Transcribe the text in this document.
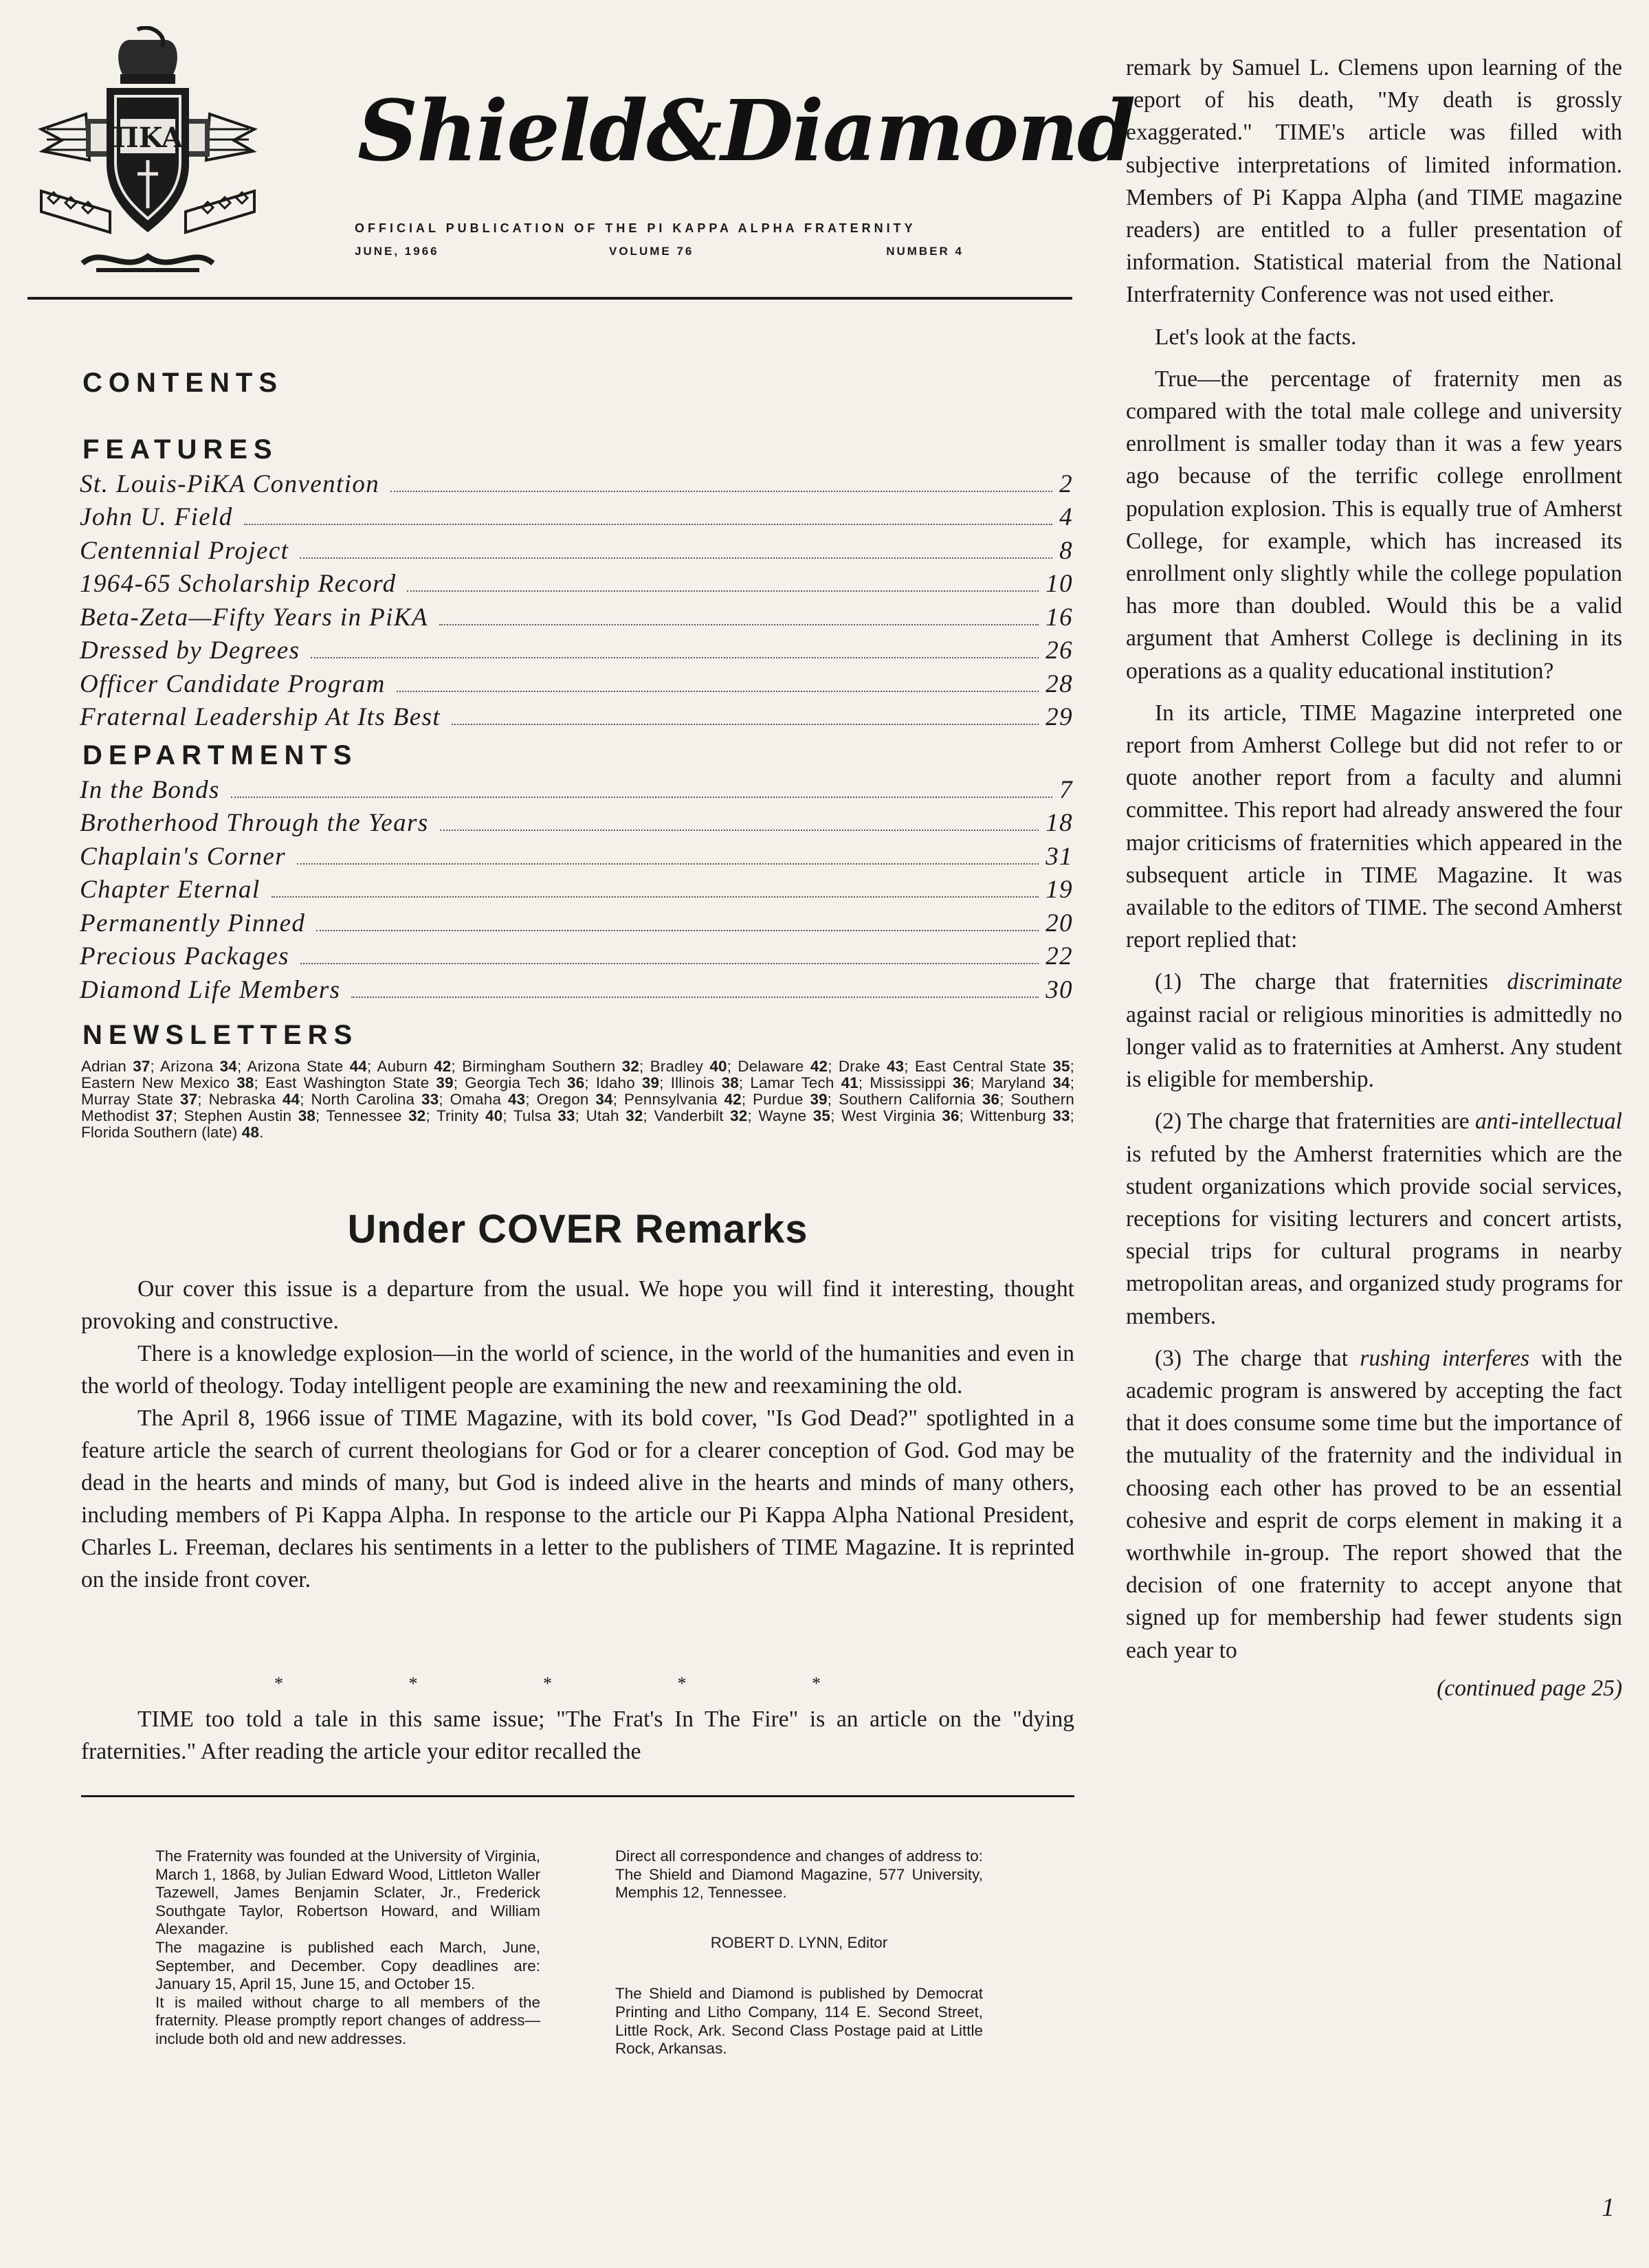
ΠKA Shield&Diamond
OFFICIAL PUBLICATION OF THE PI KAPPA ALPHA FRATERNITY
JUNE, 1966	VOLUME 76	NUMBER 4
CONTENTS
FEATURES
St. Louis-PiKA Convention	2
John U. Field	4
Centennial Project	8
1964-65 Scholarship Record	10
Beta-Zeta—Fifty Years in PiKA	16
Dressed by Degrees	26
Officer Candidate Program	28
Fraternal Leadership At Its Best	29
DEPARTMENTS
In the Bonds	7
Brotherhood Through the Years	18
Chaplain's Corner	31
Chapter Eternal	19
Permanently Pinned	20
Precious Packages	22
Diamond Life Members	30
NEWSLETTERS
Adrian 37; Arizona 34; Arizona State 44; Auburn 42; Birmingham Southern 32; Bradley 40; Delaware 42; Drake 43; East Central State 35; Eastern New Mexico 38; East Washington State 39; Georgia Tech 36; Idaho 39; Illinois 38; Lamar Tech 41; Mississippi 36; Maryland 34; Murray State 37; Nebraska 44; North Carolina 33; Omaha 43; Oregon 34; Pennsylvania 42; Purdue 39; Southern California 36; Southern Methodist 37; Stephen Austin 38; Tennessee 32; Trinity 40; Tulsa 33; Utah 32; Vanderbilt 32; Wayne 35; West Virginia 36; Wittenburg 33; Florida Southern (late) 48.
Under COVER Remarks

Our cover this issue is a departure from the usual. We hope you will find it interesting, thought provoking and constructive.

There is a knowledge explosion—in the world of science, in the world of the humanities and even in the world of theology. Today intelligent people are examining the new and reexamining the old.

The April 8, 1966 issue of TIME Magazine, with its bold cover, "Is God Dead?" spotlighted in a feature article the search of current theologians for God or for a clearer conception of God. God may be dead in the hearts and minds of many, but God is indeed alive in the hearts and minds of many others, including members of Pi Kappa Alpha. In response to the article our Pi Kappa Alpha National President, Charles L. Freeman, declares his sentiments in a letter to the publishers of TIME Magazine. It is reprinted on the inside front cover.

* * * * *

TIME too told a tale in this same issue; "The Frat's In The Fire" is an article on the "dying fraternities." After reading the article your editor recalled the

The Fraternity was founded at the University of Virginia, March 1, 1868, by Julian Edward Wood, Littleton Waller Tazewell, James Benjamin Sclater, Jr., Frederick Southgate Taylor, Robertson Howard, and William Alexander.

The magazine is published each March, June, September, and December. Copy deadlines are: January 15, April 15, June 15, and October 15.

It is mailed without charge to all members of the fraternity. Please promptly report changes of address—include both old and new addresses.

Direct all correspondence and changes of address to: The Shield and Diamond Magazine, 577 University, Memphis 12, Tennessee.

ROBERT D. LYNN, Editor

The Shield and Diamond is published by Democrat Printing and Litho Company, 114 E. Second Street, Little Rock, Ark. Second Class Postage paid at Little Rock, Arkansas.

remark by Samuel L. Clemens upon learning of the report of his death, "My death is grossly exaggerated." TIME's article was filled with subjective interpretations of limited information. Members of Pi Kappa Alpha (and TIME magazine readers) are entitled to a fuller presentation of information. Statistical material from the National Interfraternity Conference was not used either.

Let's look at the facts.

True—the percentage of fraternity men as compared with the total male college and university enrollment is smaller today than it was a few years ago because of the terrific college enrollment population explosion. This is equally true of Amherst College, for example, which has increased its enrollment only slightly while the college population has more than doubled. Would this be a valid argument that Amherst College is declining in its operations as a quality educational institution?

In its article, TIME Magazine interpreted one report from Amherst College but did not refer to or quote another report from a faculty and alumni committee. This report had already answered the four major criticisms of fraternities which appeared in the subsequent article in TIME Magazine. It was available to the editors of TIME. The second Amherst report replied that:

(1) The charge that fraternities discriminate against racial or religious minorities is admittedly no longer valid as to fraternities at Amherst. Any student is eligible for membership.

(2) The charge that fraternities are anti-intellectual is refuted by the Amherst fraternities which are the student organizations which provide social services, receptions for visiting lecturers and concert artists, special trips for cultural programs in nearby metropolitan areas, and organized study programs for members.

(3) The charge that rushing interferes with the academic program is answered by accepting the fact that it does consume some time but the importance of the mutuality of the fraternity and the individual in choosing each other has proved to be an essential cohesive and esprit de corps element in making it a worthwhile in-group. The report showed that the decision of one fraternity to accept anyone that signed up for membership had fewer students sign each year to

(continued page 25)

1
